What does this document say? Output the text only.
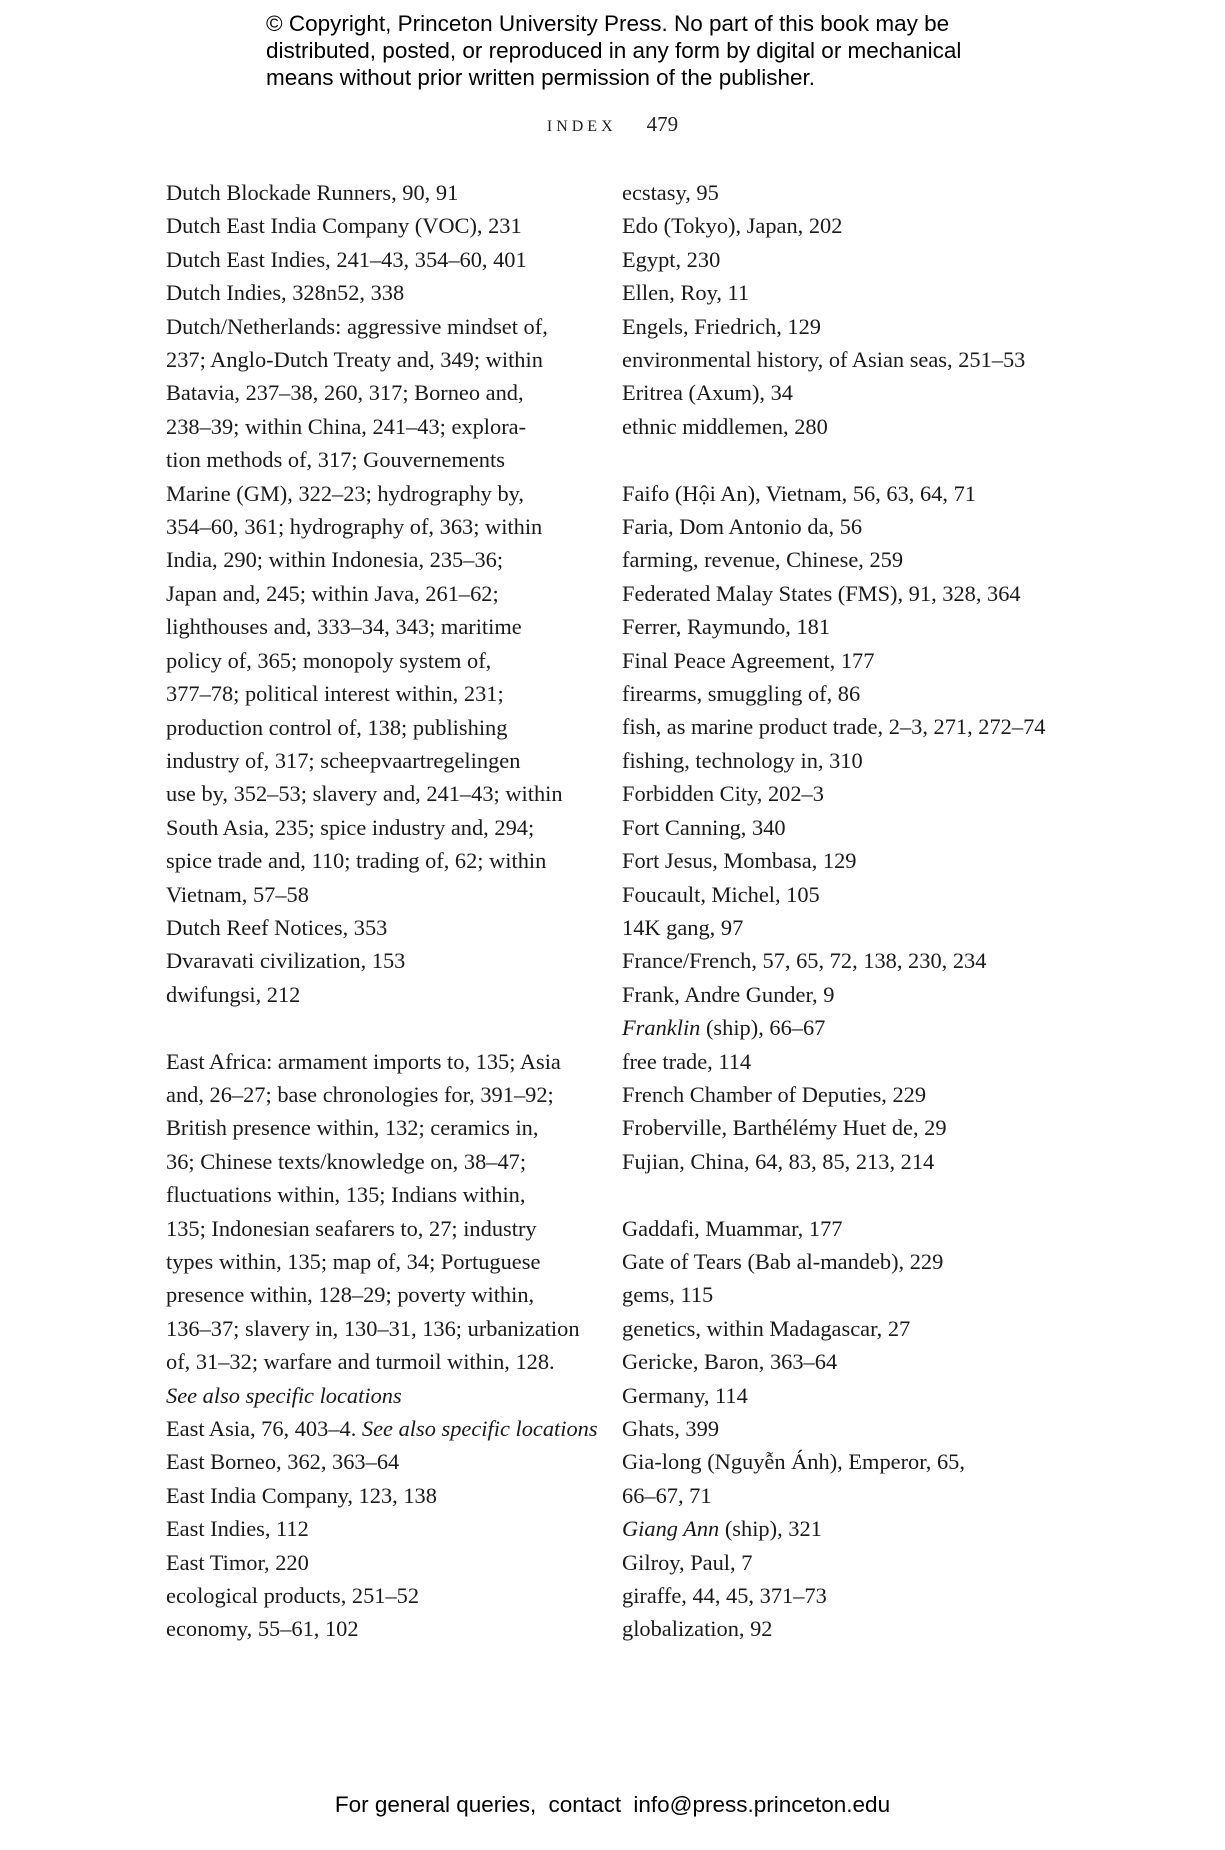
© Copyright, Princeton University Press. No part of this book may be
distributed, posted, or reproduced in any form by digital or mechanical
means without prior written permission of the publisher.
INDEX 479
Dutch Blockade Runners, 90, 91
Dutch East India Company (VOC), 231
Dutch East Indies, 241–43, 354–60, 401
Dutch Indies, 328n52, 338
Dutch/Netherlands: aggressive mindset of,
237; Anglo-Dutch Treaty and, 349; within
Batavia, 237–38, 260, 317; Borneo and,
238–39; within China, 241–43; explora-
tion methods of, 317; Gouvernements
Marine (GM), 322–23; hydrography by,
354–60, 361; hydrography of, 363; within
India, 290; within Indonesia, 235–36;
Japan and, 245; within Java, 261–62;
lighthouses and, 333–34, 343; maritime
policy of, 365; monopoly system of,
377–78; political interest within, 231;
production control of, 138; publishing
industry of, 317; scheepvaartregelingen
use by, 352–53; slavery and, 241–43; within
South Asia, 235; spice industry and, 294;
spice trade and, 110; trading of, 62; within
Vietnam, 57–58
Dutch Reef Notices, 353
Dvaravati civilization, 153
dwifungsi, 212
East Africa: armament imports to, 135; Asia
and, 26–27; base chronologies for, 391–92;
British presence within, 132; ceramics in,
36; Chinese texts/knowledge on, 38–47;
fluctuations within, 135; Indians within,
135; Indonesian seafarers to, 27; industry
types within, 135; map of, 34; Portuguese
presence within, 128–29; poverty within,
136–37; slavery in, 130–31, 136; urbanization
of, 31–32; warfare and turmoil within, 128.
See also specific locations
East Asia, 76, 403–4. See also specific locations
East Borneo, 362, 363–64
East India Company, 123, 138
East Indies, 112
East Timor, 220
ecological products, 251–52
economy, 55–61, 102
ecstasy, 95
Edo (Tokyo), Japan, 202
Egypt, 230
Ellen, Roy, 11
Engels, Friedrich, 129
environmental history, of Asian seas, 251–53
Eritrea (Axum), 34
ethnic middlemen, 280
Faifo (Hội An), Vietnam, 56, 63, 64, 71
Faria, Dom Antonio da, 56
farming, revenue, Chinese, 259
Federated Malay States (FMS), 91, 328, 364
Ferrer, Raymundo, 181
Final Peace Agreement, 177
firearms, smuggling of, 86
fish, as marine product trade, 2–3, 271, 272–74
fishing, technology in, 310
Forbidden City, 202–3
Fort Canning, 340
Fort Jesus, Mombasa, 129
Foucault, Michel, 105
14K gang, 97
France/French, 57, 65, 72, 138, 230, 234
Frank, Andre Gunder, 9
Franklin (ship), 66–67
free trade, 114
French Chamber of Deputies, 229
Froberville, Barthélémy Huet de, 29
Fujian, China, 64, 83, 85, 213, 214
Gaddafi, Muammar, 177
Gate of Tears (Bab al-mandeb), 229
gems, 115
genetics, within Madagascar, 27
Gericke, Baron, 363–64
Germany, 114
Ghats, 399
Gia-long (Nguyễn Ánh), Emperor, 65,
66–67, 71
Giang Ann (ship), 321
Gilroy, Paul, 7
giraffe, 44, 45, 371–73
globalization, 92
For general queries, contact info@press.princeton.edu
